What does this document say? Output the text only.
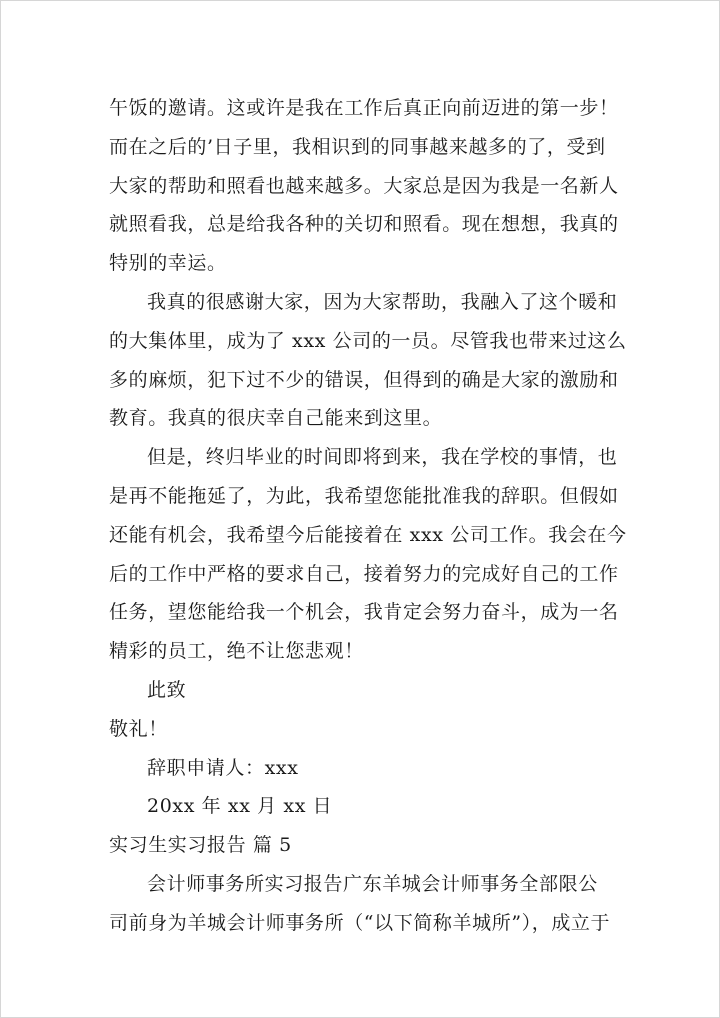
午饭的邀请。这或许是我在工作后真正向前迈进的第一步！
而在之后的’日子里，我相识到的同事越来越多的了，受到
大家的帮助和照看也越来越多。大家总是因为我是一名新人
就照看我，总是给我各种的关切和照看。现在想想，我真的
特别的幸运。
我真的很感谢大家，因为大家帮助，我融入了这个暖和
的大集体里，成为了 xxx 公司的一员。尽管我也带来过这么
多的麻烦，犯下过不少的错误，但得到的确是大家的激励和
教育。我真的很庆幸自己能来到这里。
但是，终归毕业的时间即将到来，我在学校的事情，也
是再不能拖延了，为此，我希望您能批准我的辞职。但假如
还能有机会，我希望今后能接着在 xxx 公司工作。我会在今
后的工作中严格的要求自己，接着努力的完成好自己的工作
任务，望您能给我一个机会，我肯定会努力奋斗，成为一名
精彩的员工，绝不让您悲观！
此致
敬礼！
辞职申请人：xxx
20xx 年 xx 月 xx 日
实习生实习报告 篇 5
会计师事务所实习报告广东羊城会计师事务全部限公
司前身为羊城会计师事务所（“以下简称羊城所”），成立于
